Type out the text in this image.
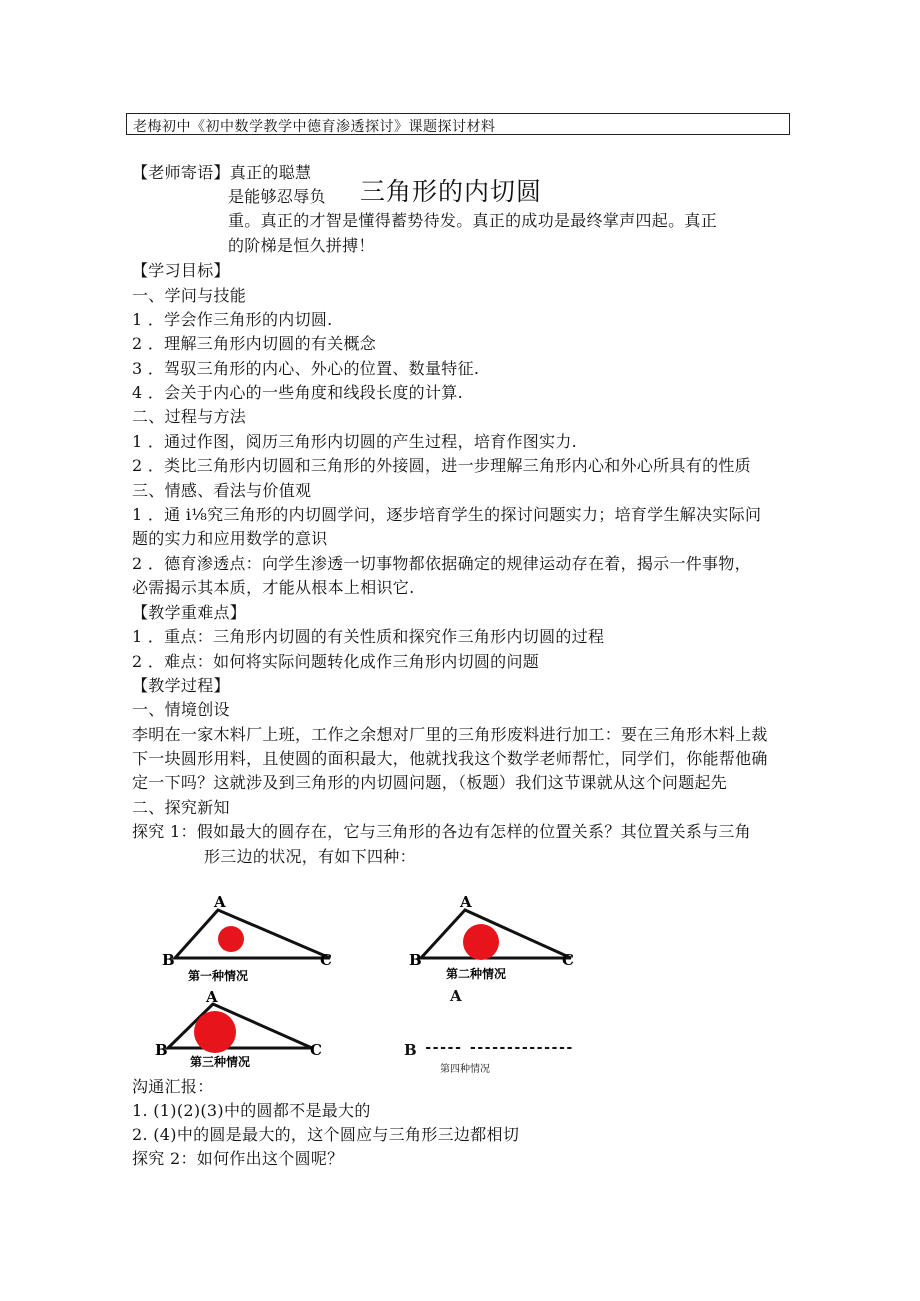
老梅初中《初中数学教学中德育渗透探讨》课题探讨材料
【老师寄语】真正的聪慧
是能够忍辱负 三角形的内切圆
重。真正的才智是懂得蓄势待发。真正的成功是最终掌声四起。真正
的阶梯是恒久拼搏！
【学习目标】
一、学问与技能
1 ．学会作三角形的内切圆.
2 ．理解三角形内切圆的有关概念
3 ．驾驭三角形的内心、外心的位置、数量特征.
4 ．会关于内心的一些角度和线段长度的计算.
二、过程与方法
1 ．通过作图，阅历三角形内切圆的产生过程，培育作图实力.
2 ．类比三角形内切圆和三角形的外接圆，进一步理解三角形内心和外心所具有的性质
三、情感、看法与价值观
1 ．通 i⅛究三角形的内切圆学问，逐步培育学生的探讨问题实力；培育学生解决实际问
题的实力和应用数学的意识
2 ．德育渗透点：向学生渗透一切事物都依据确定的规律运动存在着，揭示一件事物，
必需揭示其本质，才能从根本上相识它.
【教学重难点】
1 ．重点：三角形内切圆的有关性质和探究作三角形内切圆的过程
2 ．难点：如何将实际问题转化成作三角形内切圆的问题
【教学过程】
一、情境创设
李明在一家木料厂上班，工作之余想对厂里的三角形废料进行加工：要在三角形木料上裁
下一块圆形用料，且使圆的面积最大，他就找我这个数学老师帮忙，同学们，你能帮他确
定一下吗？这就涉及到三角形的内切圆问题，（板题）我们这节课就从这个问题起先
二、探究新知
探究 1：假如最大的圆存在，它与三角形的各边有怎样的位置关系？其位置关系与三角
形三边的状况，有如下四种：
A
B	C
第一种情况
A
B	C
第二种情况
A
B	C
第三种情况
A
B ----- --------------
第四种情况
沟通汇报：
1. (1)(2)(3)中的圆都不是最大的
2. (4)中的圆是最大的，这个圆应与三角形三边都相切
探究 2：如何作出这个圆呢？
